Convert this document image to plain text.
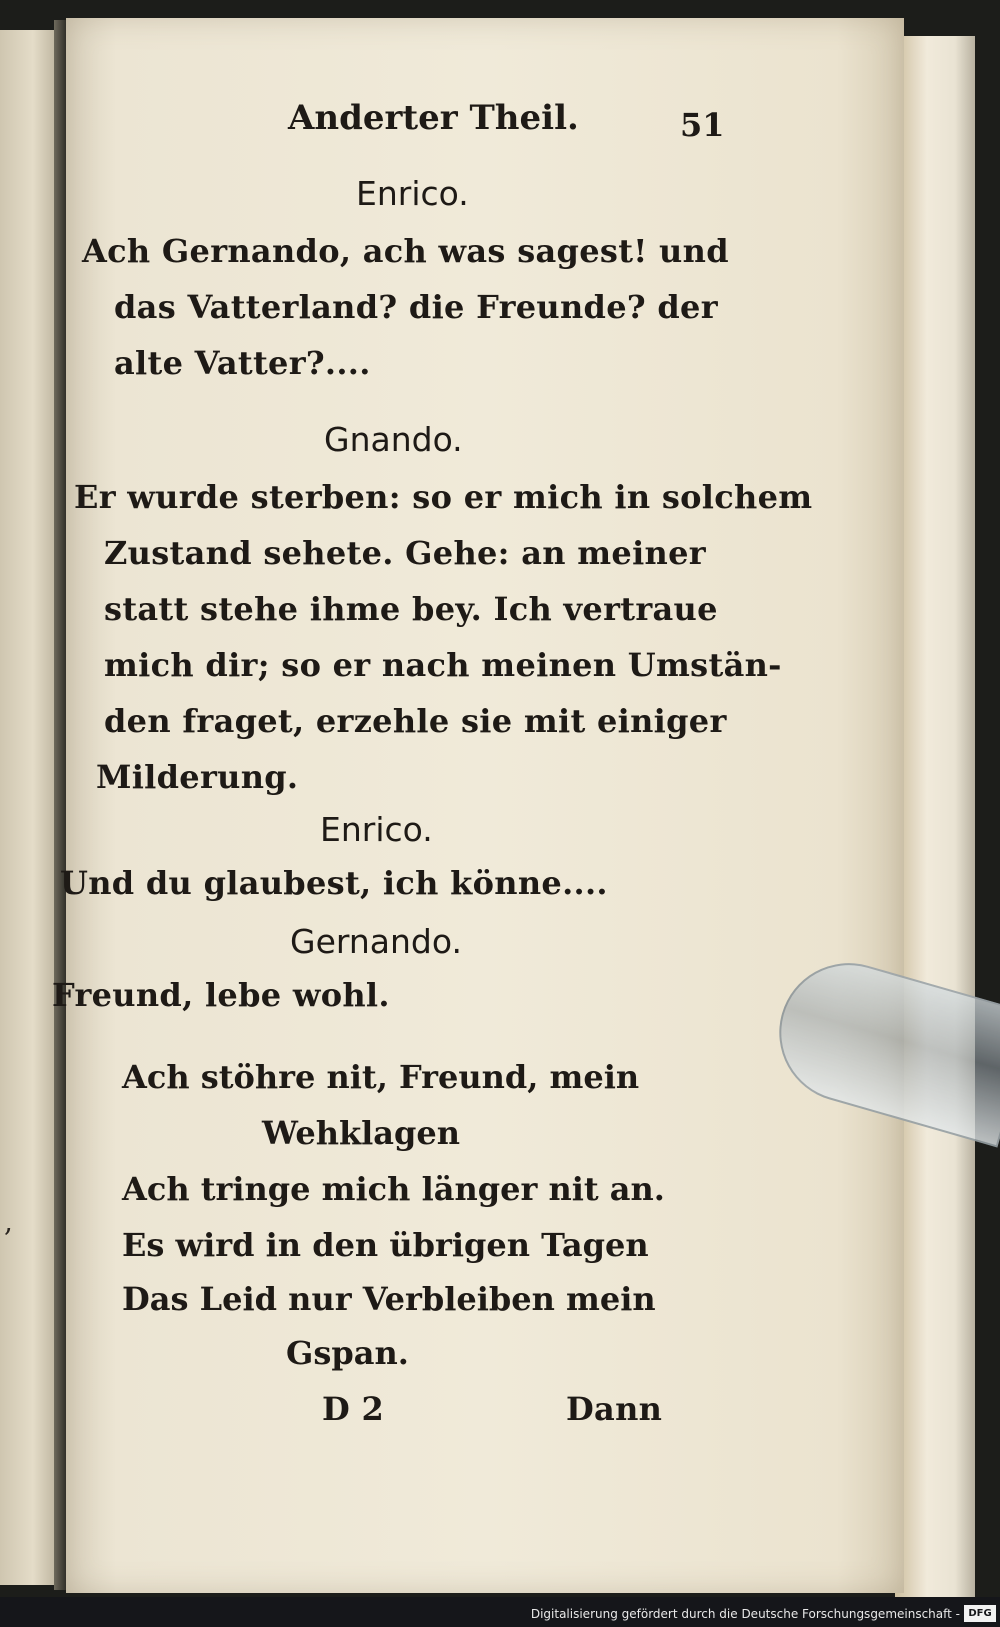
,
Anderter Theil.	51
Enrico.
Ach Gernando, ach was sagest! und
das Vatterland? die Freunde? der
alte Vatter?....
Gnando.
Er wurde sterben: so er mich in solchem
Zustand sehete. Gehe: an meiner
statt stehe ihme bey. Ich vertraue
mich dir; so er nach meinen Umstän-
den fraget, erzehle sie mit einiger
Milderung.
Enrico.
Und du glaubest, ich könne....
Gernando.
Freund, lebe wohl.
Ach stöhre nit, Freund, mein
Wehklagen
Ach tringe mich länger nit an.
Es wird in den übrigen Tagen
Das Leid nur Verbleiben mein
Gspan.
D 2	Dann
Digitalisierung gefördert durch die Deutsche Forschungsgemeinschaft - DFG
